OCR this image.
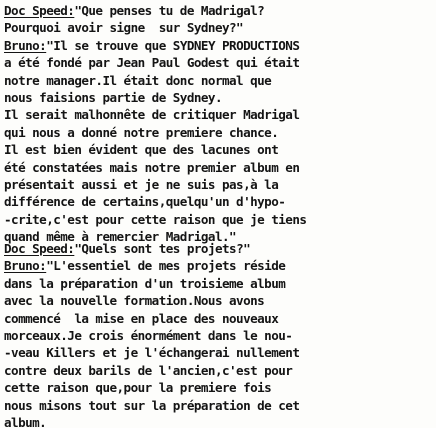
Doc Speed:"Que penses tu de Madrigal?
Pourquoi avoir signe  sur Sydney?"
Bruno:"Il se trouve que SYDNEY PRODUCTIONS
a été fondé par Jean Paul Godest qui était
notre manager.Il était donc normal que
nous faisions partie de Sydney.
Il serait malhonnête de critiquer Madrigal
qui nous a donné notre premiere chance.
Il est bien évident que des lacunes ont
été constatées mais notre premier album en
présentait aussi et je ne suis pas,à la
différence de certains,quelqu'un d'hypo-
-crite,c'est pour cette raison que je tiens
quand même à remercier Madrigal."
Doc Speed:"Quels sont tes projets?"
Bruno:"L'essentiel de mes projets réside
dans la préparation d'un troisieme album
avec la nouvelle formation.Nous avons
commencé  la mise en place des nouveaux
morceaux.Je crois énormément dans le nou-
-veau Killers et je l'échangerai nullement
contre deux barils de l'ancien,c'est pour
cette raison que,pour la premiere fois
nous misons tout sur la préparation de cet
album.
